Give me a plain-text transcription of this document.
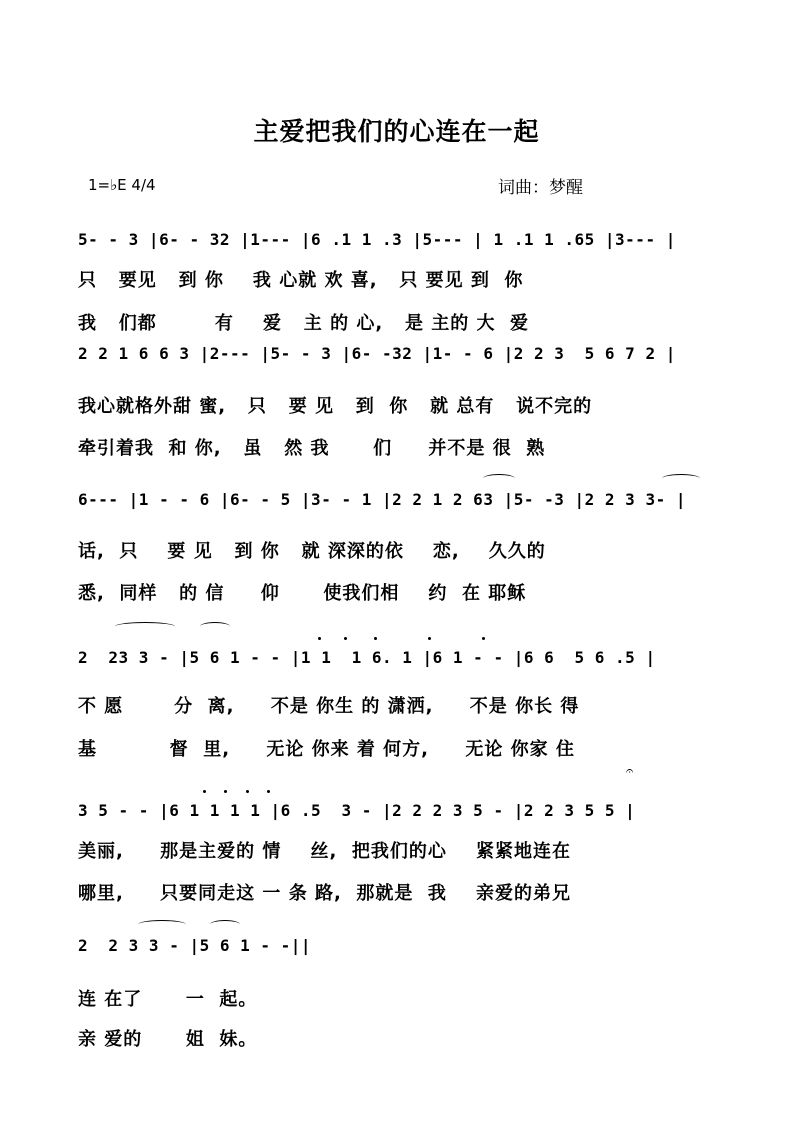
主爱把我们的心连在一起
1=♭E 4/4	词曲：梦醒
5- - 3 |6- - 32 |1--- |6 .1 1 .3 |5--- | 1 .1 1 .65 |3--- |
只   要见   到 你    我 心就 欢 喜,   只 要见 到  你
我   们都        有    爱   主 的 心,   是 主的 大  爱
2 2 1 6 6 3 |2--- |5- - 3 |6- -32 |1- - 6 |2 2 3  5 6 7 2 |
我心就格外甜 蜜,   只   要 见   到  你   就 总有   说不完的
牵引着我  和 你,   虽   然 我      们     并不是 很  熟
6--- |1 - - 6 |6- - 5 |3- - 1 |2 2 1 2 63 |5- -3 |2 2 3 3- |
话,  只    要 见   到 你   就 深深的依    恋,    久久的
悉,  同样   的 信     仰      使我们相    约  在 耶稣
2  23 3 - |5 6 1 - - |1 1  1 6. 1 |6 1 - - |6 6  5 6 .5 |
不 愿       分  离,     不是 你生 的 潇洒,     不是 你长 得
基          督  里,     无论 你来 着 何方,     无论 你家 住
𝄐
3 5 - - |6 1 1 1 1 |6 .5  3 - |2 2 2 3 5 - |2 2 3 5 5 |
美丽,     那是主爱的 情    丝,  把我们的心    紧紧地连在
哪里,     只要同走这 一 条 路,  那就是  我    亲爱的弟兄
2  2 3 3 - |5 6 1 - -||
连 在了      一  起。
亲 爱的      姐  妹。
